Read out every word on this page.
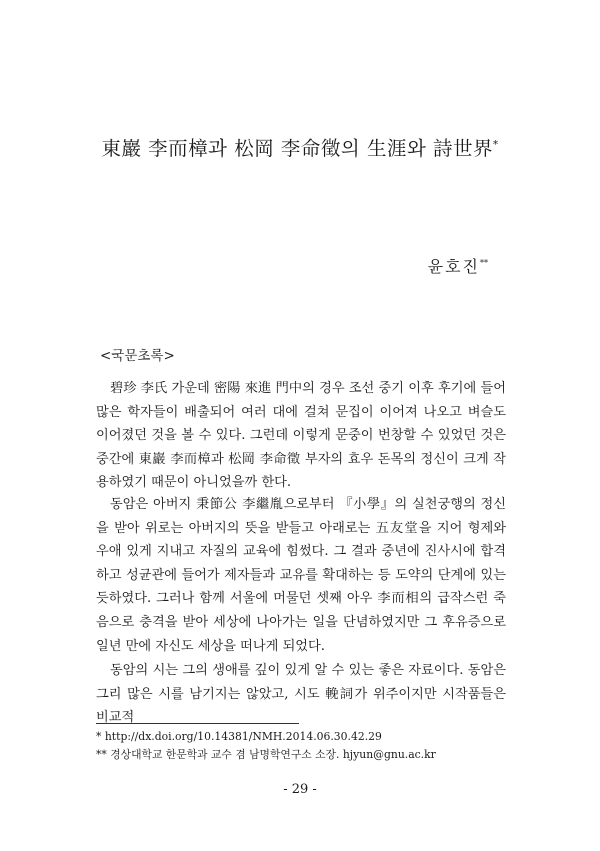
東巖 李而樟과 松岡 李命徵의 生涯와 詩世界*
윤호진**
<국문초록>

碧珍 李氏 가운데 密陽 來進 門中의 경우 조선 중기 이후 후기에 들어 많은 학자들이 배출되어 여러 대에 걸쳐 문집이 이어져 나오고 벼슬도 이어졌던 것을 볼 수 있다. 그런데 이렇게 문중이 번창할 수 있었던 것은 중간에 東巖 李而樟과 松岡 李命徵 부자의 효우 돈목의 정신이 크게 작용하였기 때문이 아니었을까 한다.

동암은 아버지 秉節公 李繼胤으로부터 『小學』의 실천궁행의 정신을 받아 위로는 아버지의 뜻을 받들고 아래로는 五友堂을 지어 형제와 우애 있게 지내고 자질의 교육에 힘썼다. 그 결과 중년에 진사시에 합격하고 성균관에 들어가 제자들과 교유를 확대하는 등 도약의 단계에 있는 듯하였다. 그러나 함께 서울에 머물던 셋째 아우 李而相의 급작스런 죽음으로 충격을 받아 세상에 나아가는 일을 단념하였지만 그 후유증으로 일년 만에 자신도 세상을 떠나게 되었다.

동암의 시는 그의 생애를 깊이 있게 알 수 있는 좋은 자료이다. 동암은 그리 많은 시를 남기지는 않았고, 시도 輓詞가 위주이지만 시작품들은 비교적

* http://dx.doi.org/10.14381/NMH.2014.06.30.42.29
** 경상대학교 한문학과 교수 겸 남명학연구소 소장. hjyun@gnu.ac.kr
- 29 -
